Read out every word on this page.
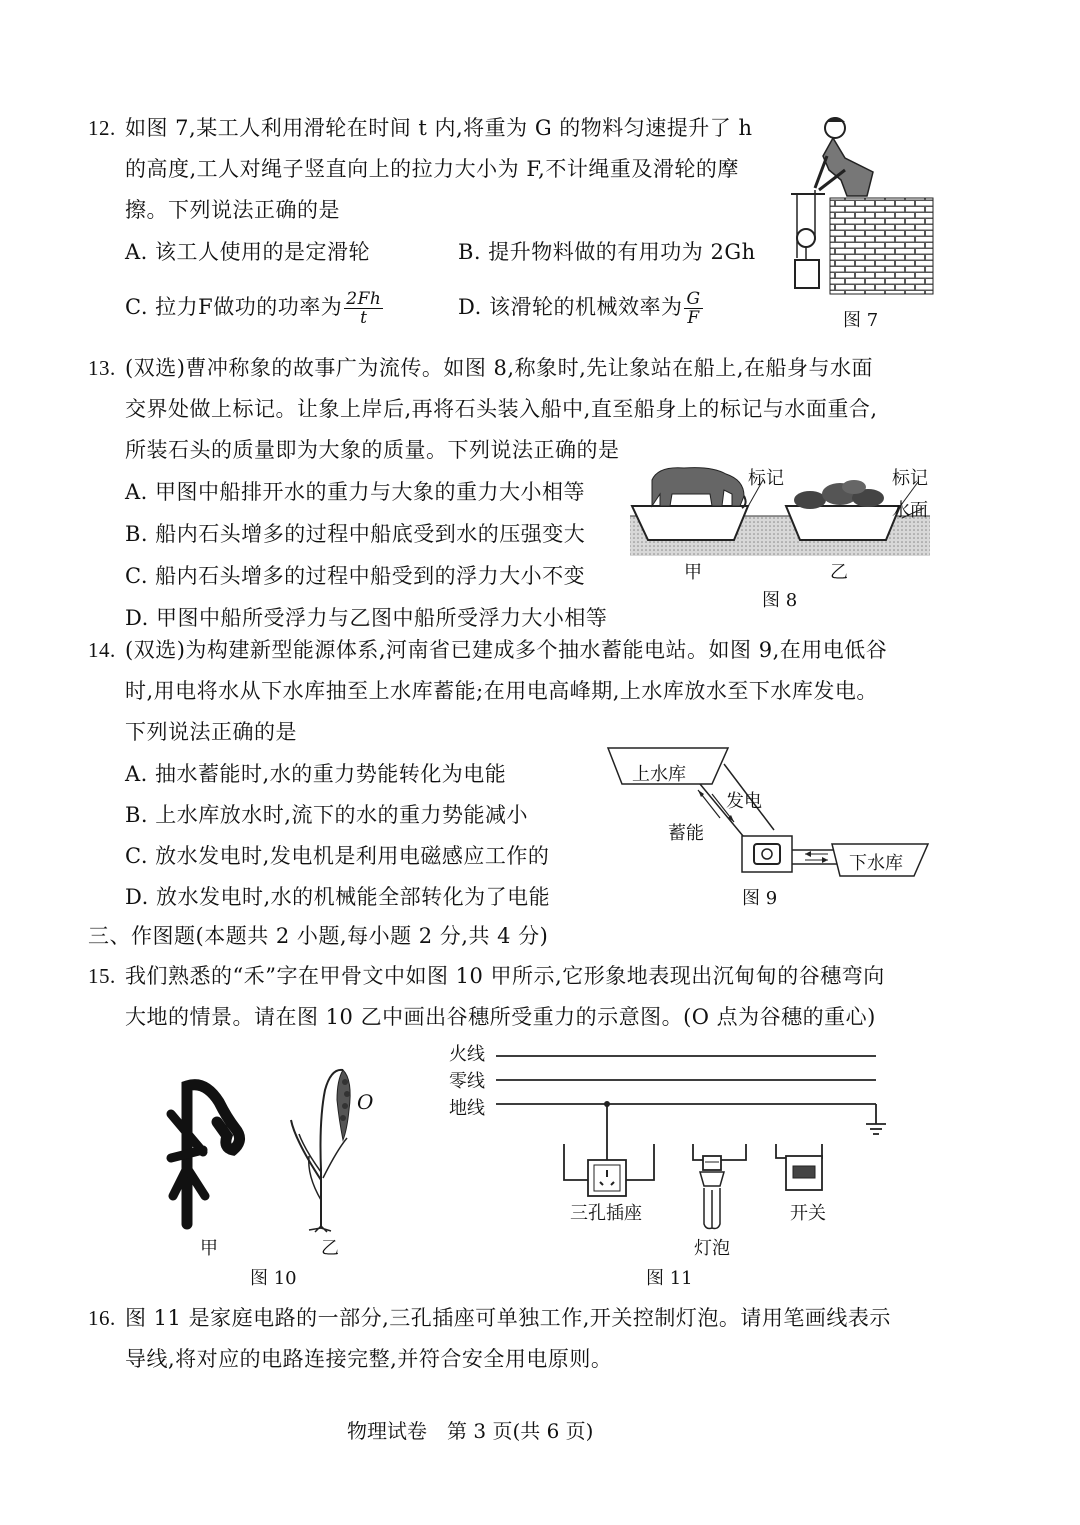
12. 如图 7,某工人利用滑轮在时间 t 内,将重为 G 的物料匀速提升了 h
的高度,工人对绳子竖直向上的拉力大小为 F,不计绳重及滑轮的摩
擦。下列说法正确的是
A. 该工人使用的是定滑轮	B. 提升物料做的有用功为 2Gh
C. 拉力F做功的功率为 $\frac{2Fh}{t}$	D. 该滑轮的机械效率为 $\frac{G}{F}$	图 7
13. (双选)曹冲称象的故事广为流传。如图 8,称象时,先让象站在船上,在船身与水面
交界处做上标记。让象上岸后,再将石头装入船中,直至船身上的标记与水面重合,
所装石头的质量即为大象的质量。下列说法正确的是
A. 甲图中船排开水的重力与大象的重力大小相等
B. 船内石头增多的过程中船底受到水的压强变大
C. 船内石头增多的过程中船受到的浮力大小不变
D. 甲图中船所受浮力与乙图中船所受浮力大小相等
标记	标记
水面
甲	乙
图 8
14. (双选)为构建新型能源体系,河南省已建成多个抽水蓄能电站。如图 9,在用电低谷
时,用电将水从下水库抽至上水库蓄能;在用电高峰期,上水库放水至下水库发电。
下列说法正确的是
A. 抽水蓄能时,水的重力势能转化为电能
B. 上水库放水时,流下的水的重力势能减小
C. 放水发电时,发电机是利用电磁感应工作的
D. 放水发电时,水的机械能全部转化为了电能
上水库
发电
蓄能
下水库
图 9
三、作图题(本题共 2 小题,每小题 2 分,共 4 分)
15. 我们熟悉的“禾”字在甲骨文中如图 10 甲所示,它形象地表现出沉甸甸的谷穗弯向
大地的情景。请在图 10 乙中画出谷穗所受重力的示意图。(O 点为谷穗的重心)
O
甲	乙
图 10
火线
零线
地线
三孔插座
灯泡
开关
图 11
16. 图 11 是家庭电路的一部分,三孔插座可单独工作,开关控制灯泡。请用笔画线表示
导线,将对应的电路连接完整,并符合安全用电原则。
物理试卷　第 3 页(共 6 页)
